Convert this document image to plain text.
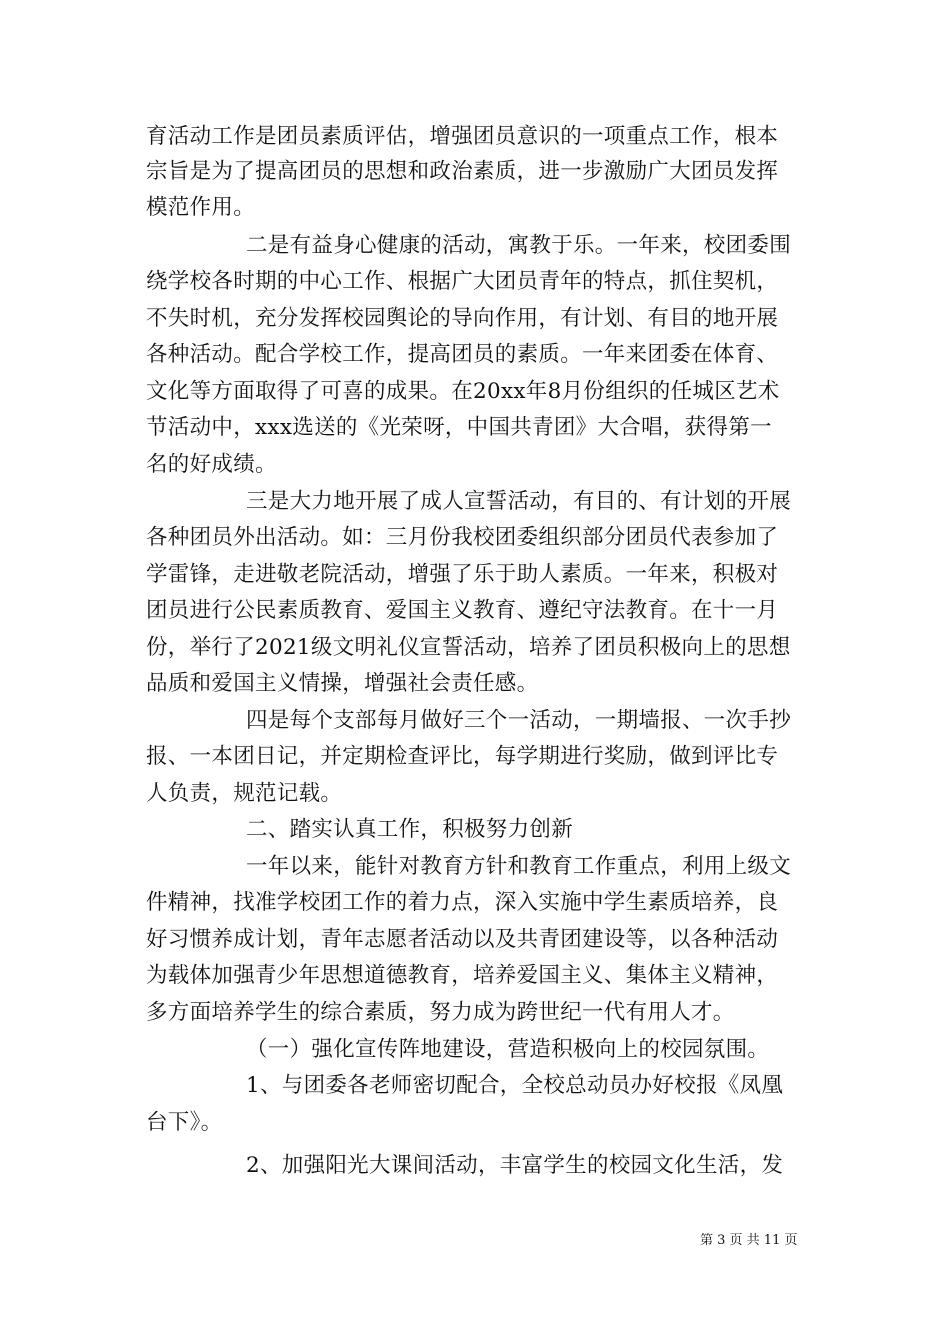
育活动工作是团员素质评估，增强团员意识的一项重点工作，根本
宗旨是为了提高团员的思想和政治素质，进一步激励广大团员发挥
模范作用。
二是有益身心健康的活动，寓教于乐。一年来，校团委围
绕学校各时期的中心工作、根据广大团员青年的特点，抓住契机，
不失时机，充分发挥校园舆论的导向作用，有计划、有目的地开展
各种活动。配合学校工作，提高团员的素质。一年来团委在体育、
文化等方面取得了可喜的成果。在20xx年8月份组织的任城区艺术
节活动中，xxx选送的《光荣呀，中国共青团》大合唱，获得第一
名的好成绩。
三是大力地开展了成人宣誓活动，有目的、有计划的开展
各种团员外出活动。如：三月份我校团委组织部分团员代表参加了
学雷锋，走进敬老院活动，增强了乐于助人素质。一年来，积极对
团员进行公民素质教育、爱国主义教育、遵纪守法教育。在十一月
份，举行了2021级文明礼仪宣誓活动，培养了团员积极向上的思想
品质和爱国主义情操，增强社会责任感。
四是每个支部每月做好三个一活动，一期墙报、一次手抄
报、一本团日记，并定期检查评比，每学期进行奖励，做到评比专
人负责，规范记载。
二、踏实认真工作，积极努力创新
一年以来，能针对教育方针和教育工作重点，利用上级文
件精神，找准学校团工作的着力点，深入实施中学生素质培养，良
好习惯养成计划，青年志愿者活动以及共青团建设等，以各种活动
为载体加强青少年思想道德教育，培养爱国主义、集体主义精神，
多方面培养学生的综合素质，努力成为跨世纪一代有用人才。
（一）强化宣传阵地建设，营造积极向上的校园氛围。
1、与团委各老师密切配合，全校总动员办好校报《凤凰
台下》。
2、加强阳光大课间活动，丰富学生的校园文化生活，发
第 3 页 共 11 页
